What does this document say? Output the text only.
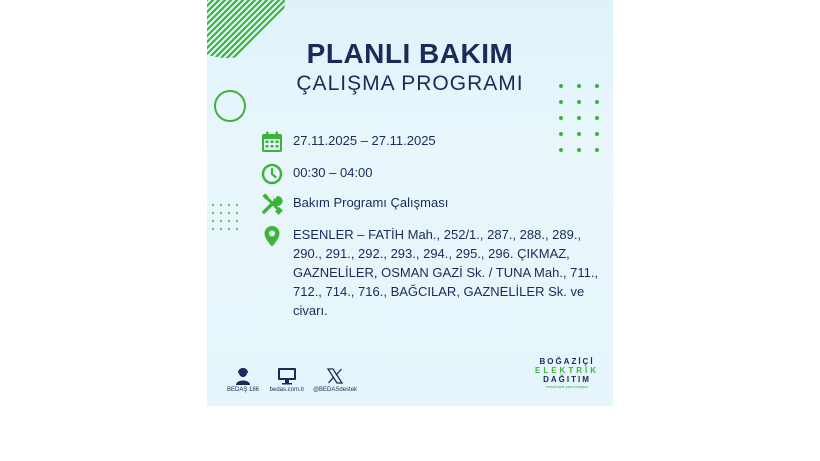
PLANLI BAKIM
ÇALIŞMA PROGRAMI
27.11.2025 – 27.11.2025
00:30 – 04:00
Bakım Programı Çalışması
ESENLER – FATİH Mah., 252/1., 287., 288., 289., 290., 291., 292., 293., 294., 295., 296. ÇIKMAZ, GAZNELİLER, OSMAN GAZİ Sk. / TUNA Mah., 711., 712., 714., 716., BAĞCILAR, GAZNELİLER Sk. ve civarı.
BEDAŞ 186	bedas.com.tr	@BEDASdestek
BOĞAZİÇİ
ELEKTRİK
DAĞITIM
enerjimizle yanınızdayız
